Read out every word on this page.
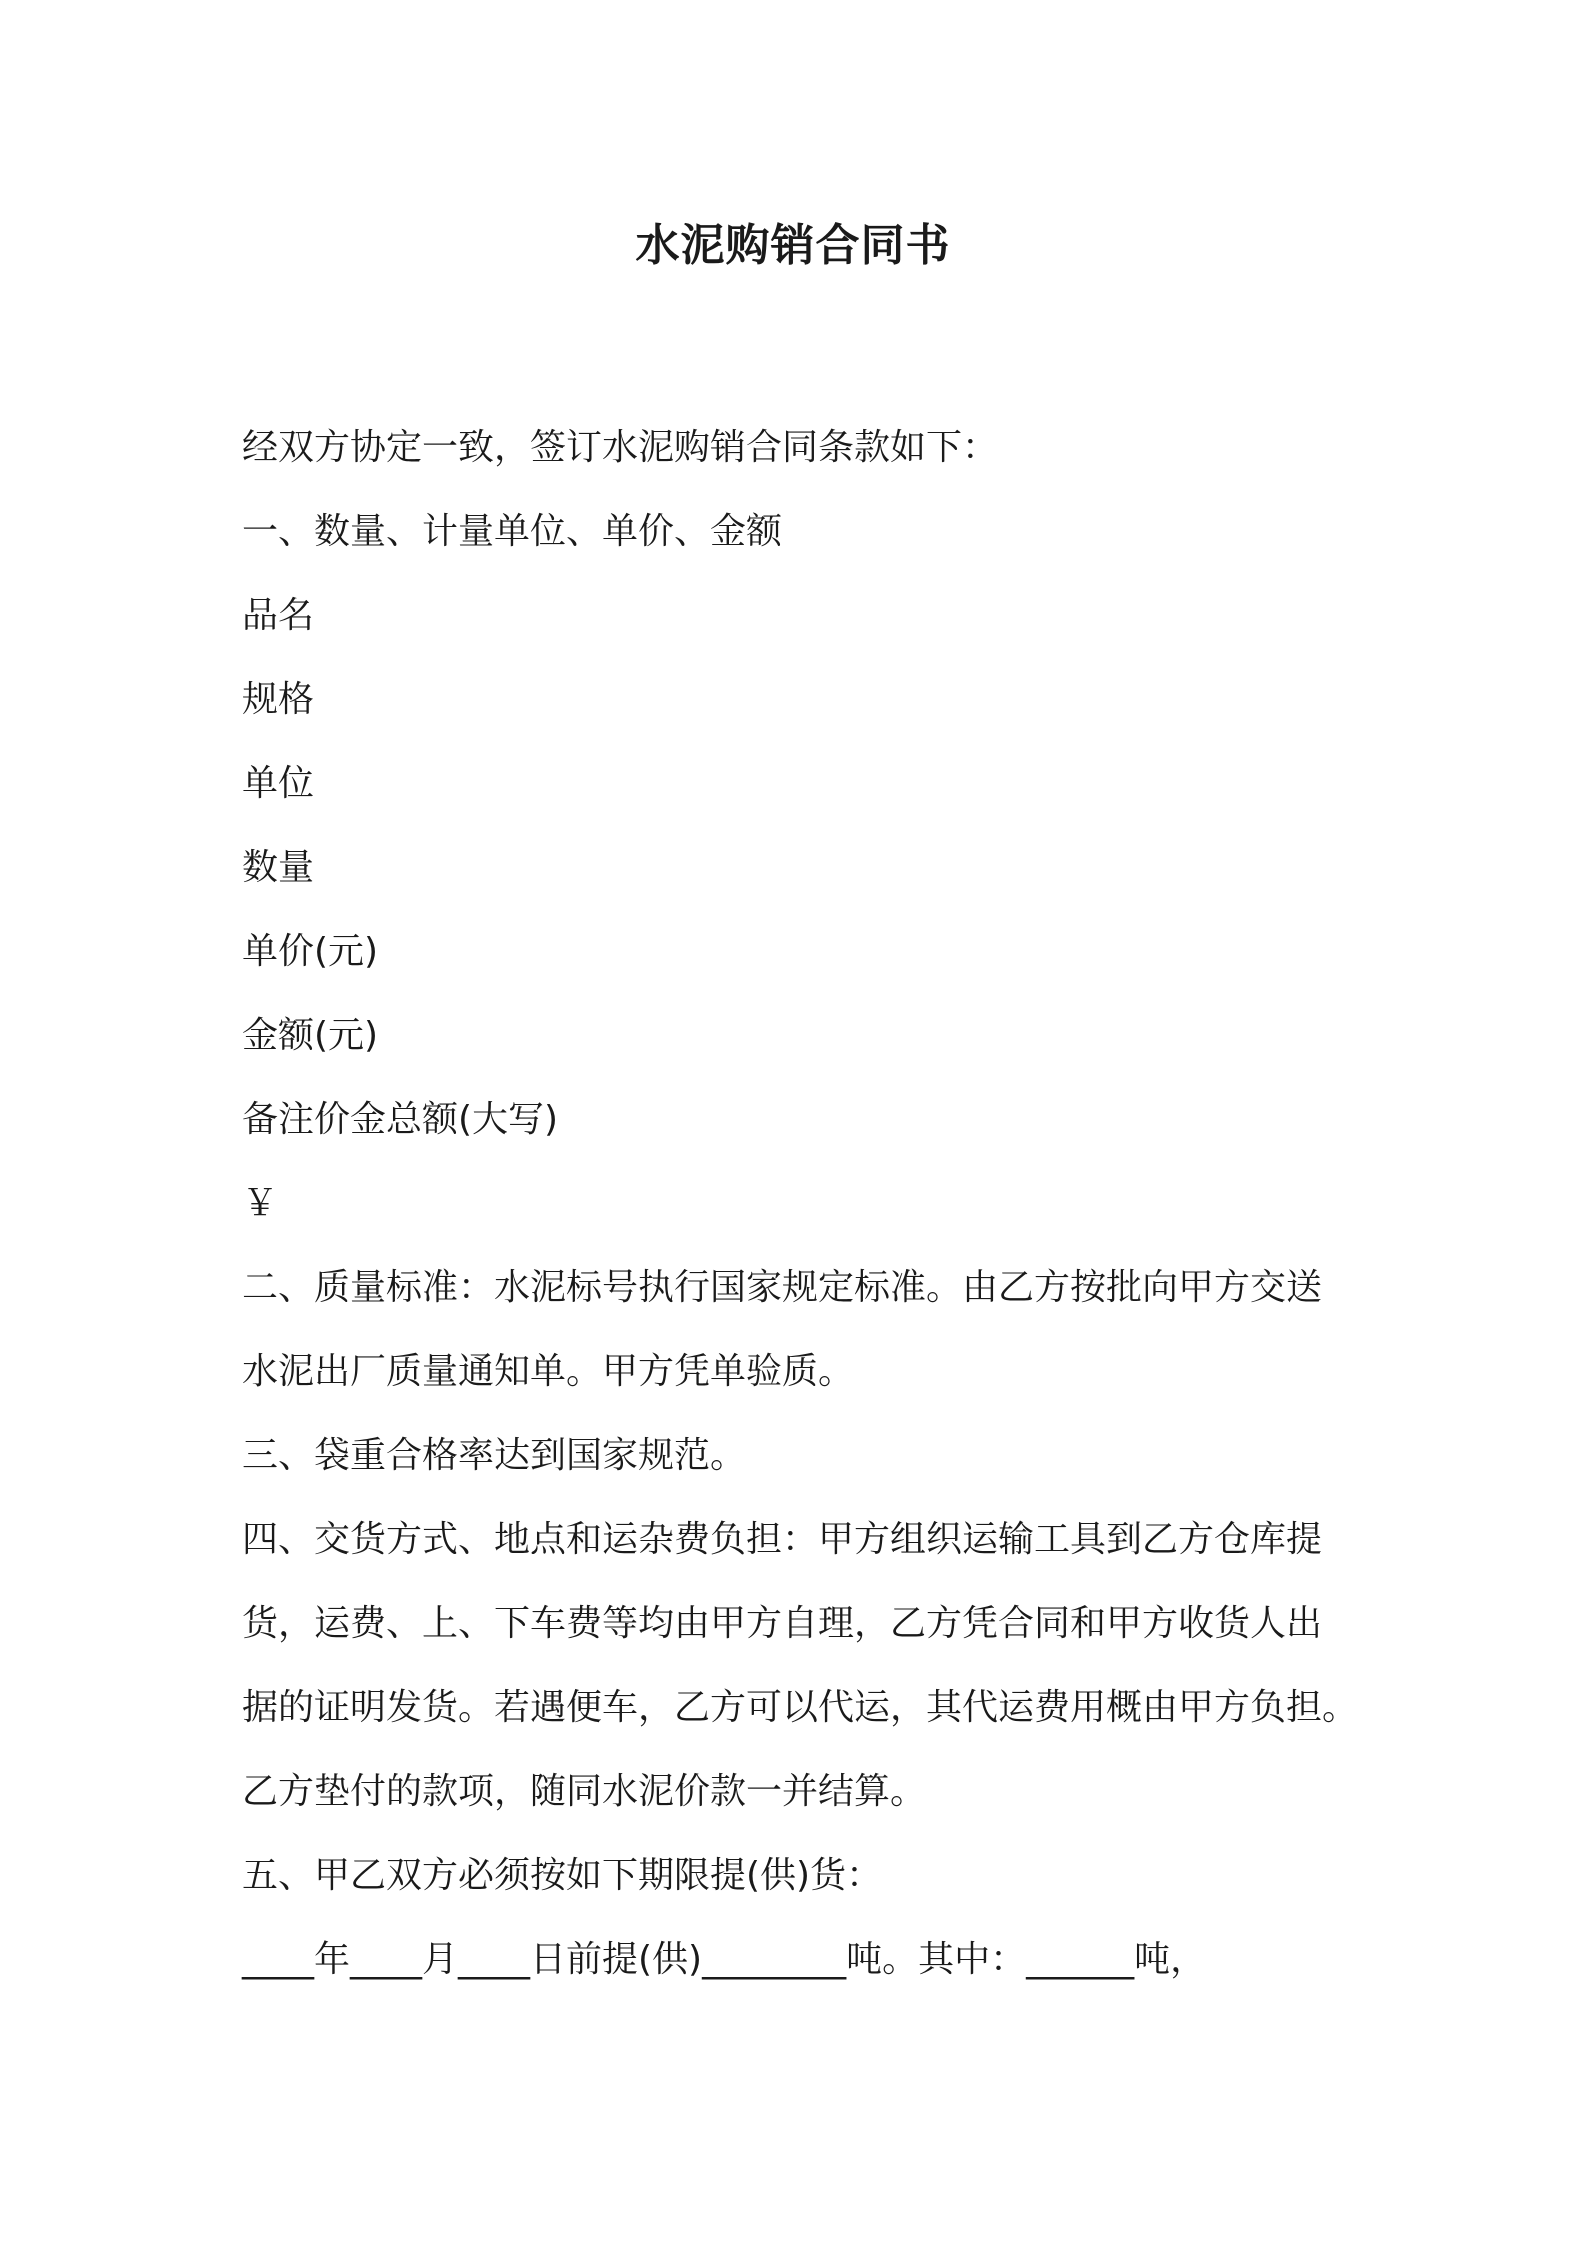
水泥购销合同书
经双方协定一致，签订水泥购销合同条款如下：
一、数量、计量单位、单价、金额
品名
规格
单位
数量
单价(元)
金额(元)
备注价金总额(大写)
￥
二、质量标准：水泥标号执行国家规定标准。由乙方按批向甲方交送
水泥出厂质量通知单。甲方凭单验质。
三、袋重合格率达到国家规范。
四、交货方式、地点和运杂费负担：甲方组织运输工具到乙方仓库提
货，运费、上、下车费等均由甲方自理，乙方凭合同和甲方收货人出
据的证明发货。若遇便车，乙方可以代运，其代运费用概由甲方负担。
乙方垫付的款项，随同水泥价款一并结算。
五、甲乙双方必须按如下期限提(供)货：
____年____月____日前提(供)________吨。其中：______吨，
